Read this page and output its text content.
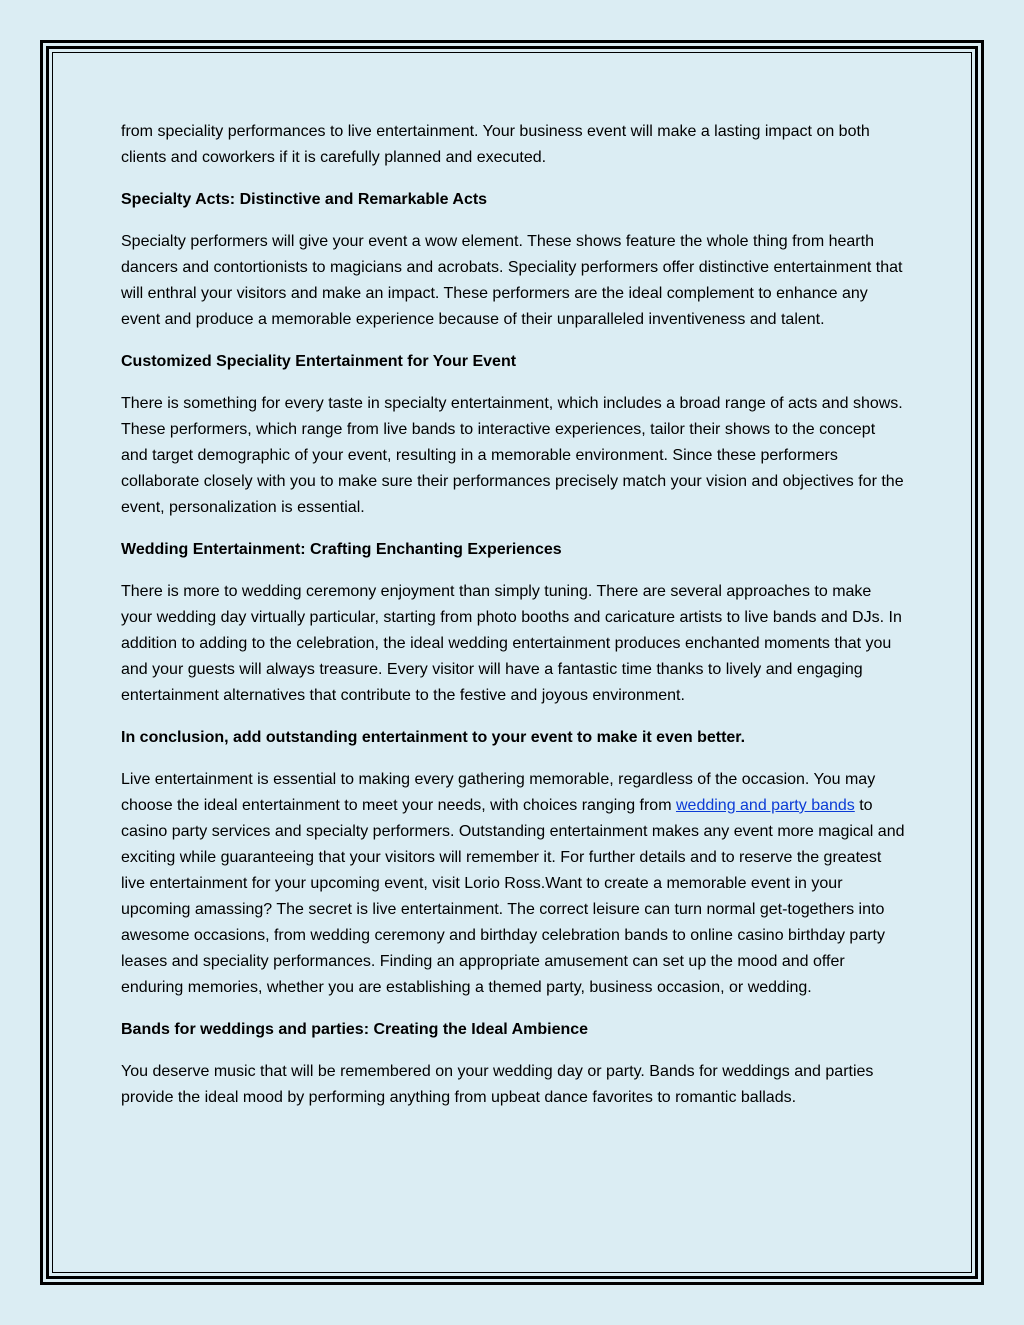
from speciality performances to live entertainment. Your business event will make a lasting impact on both clients and coworkers if it is carefully planned and executed.

Specialty Acts: Distinctive and Remarkable Acts

Specialty performers will give your event a wow element. These shows feature the whole thing from hearth dancers and contortionists to magicians and acrobats. Speciality performers offer distinctive entertainment that will enthral your visitors and make an impact. These performers are the ideal complement to enhance any event and produce a memorable experience because of their unparalleled inventiveness and talent.

Customized Speciality Entertainment for Your Event

There is something for every taste in specialty entertainment, which includes a broad range of acts and shows. These performers, which range from live bands to interactive experiences, tailor their shows to the concept and target demographic of your event, resulting in a memorable environment. Since these performers collaborate closely with you to make sure their performances precisely match your vision and objectives for the event, personalization is essential.

Wedding Entertainment: Crafting Enchanting Experiences

There is more to wedding ceremony enjoyment than simply tuning. There are several approaches to make your wedding day virtually particular, starting from photo booths and caricature artists to live bands and DJs. In addition to adding to the celebration, the ideal wedding entertainment produces enchanted moments that you and your guests will always treasure. Every visitor will have a fantastic time thanks to lively and engaging entertainment alternatives that contribute to the festive and joyous environment.

In conclusion, add outstanding entertainment to your event to make it even better.

Live entertainment is essential to making every gathering memorable, regardless of the occasion. You may choose the ideal entertainment to meet your needs, with choices ranging from wedding and party bands to casino party services and specialty performers. Outstanding entertainment makes any event more magical and exciting while guaranteeing that your visitors will remember it. For further details and to reserve the greatest live entertainment for your upcoming event, visit Lorio Ross.Want to create a memorable event in your upcoming amassing? The secret is live entertainment. The correct leisure can turn normal get-togethers into awesome occasions, from wedding ceremony and birthday celebration bands to online casino birthday party leases and speciality performances. Finding an appropriate amusement can set up the mood and offer enduring memories, whether you are establishing a themed party, business occasion, or wedding.

Bands for weddings and parties: Creating the Ideal Ambience

You deserve music that will be remembered on your wedding day or party. Bands for weddings and parties provide the ideal mood by performing anything from upbeat dance favorites to romantic ballads.
